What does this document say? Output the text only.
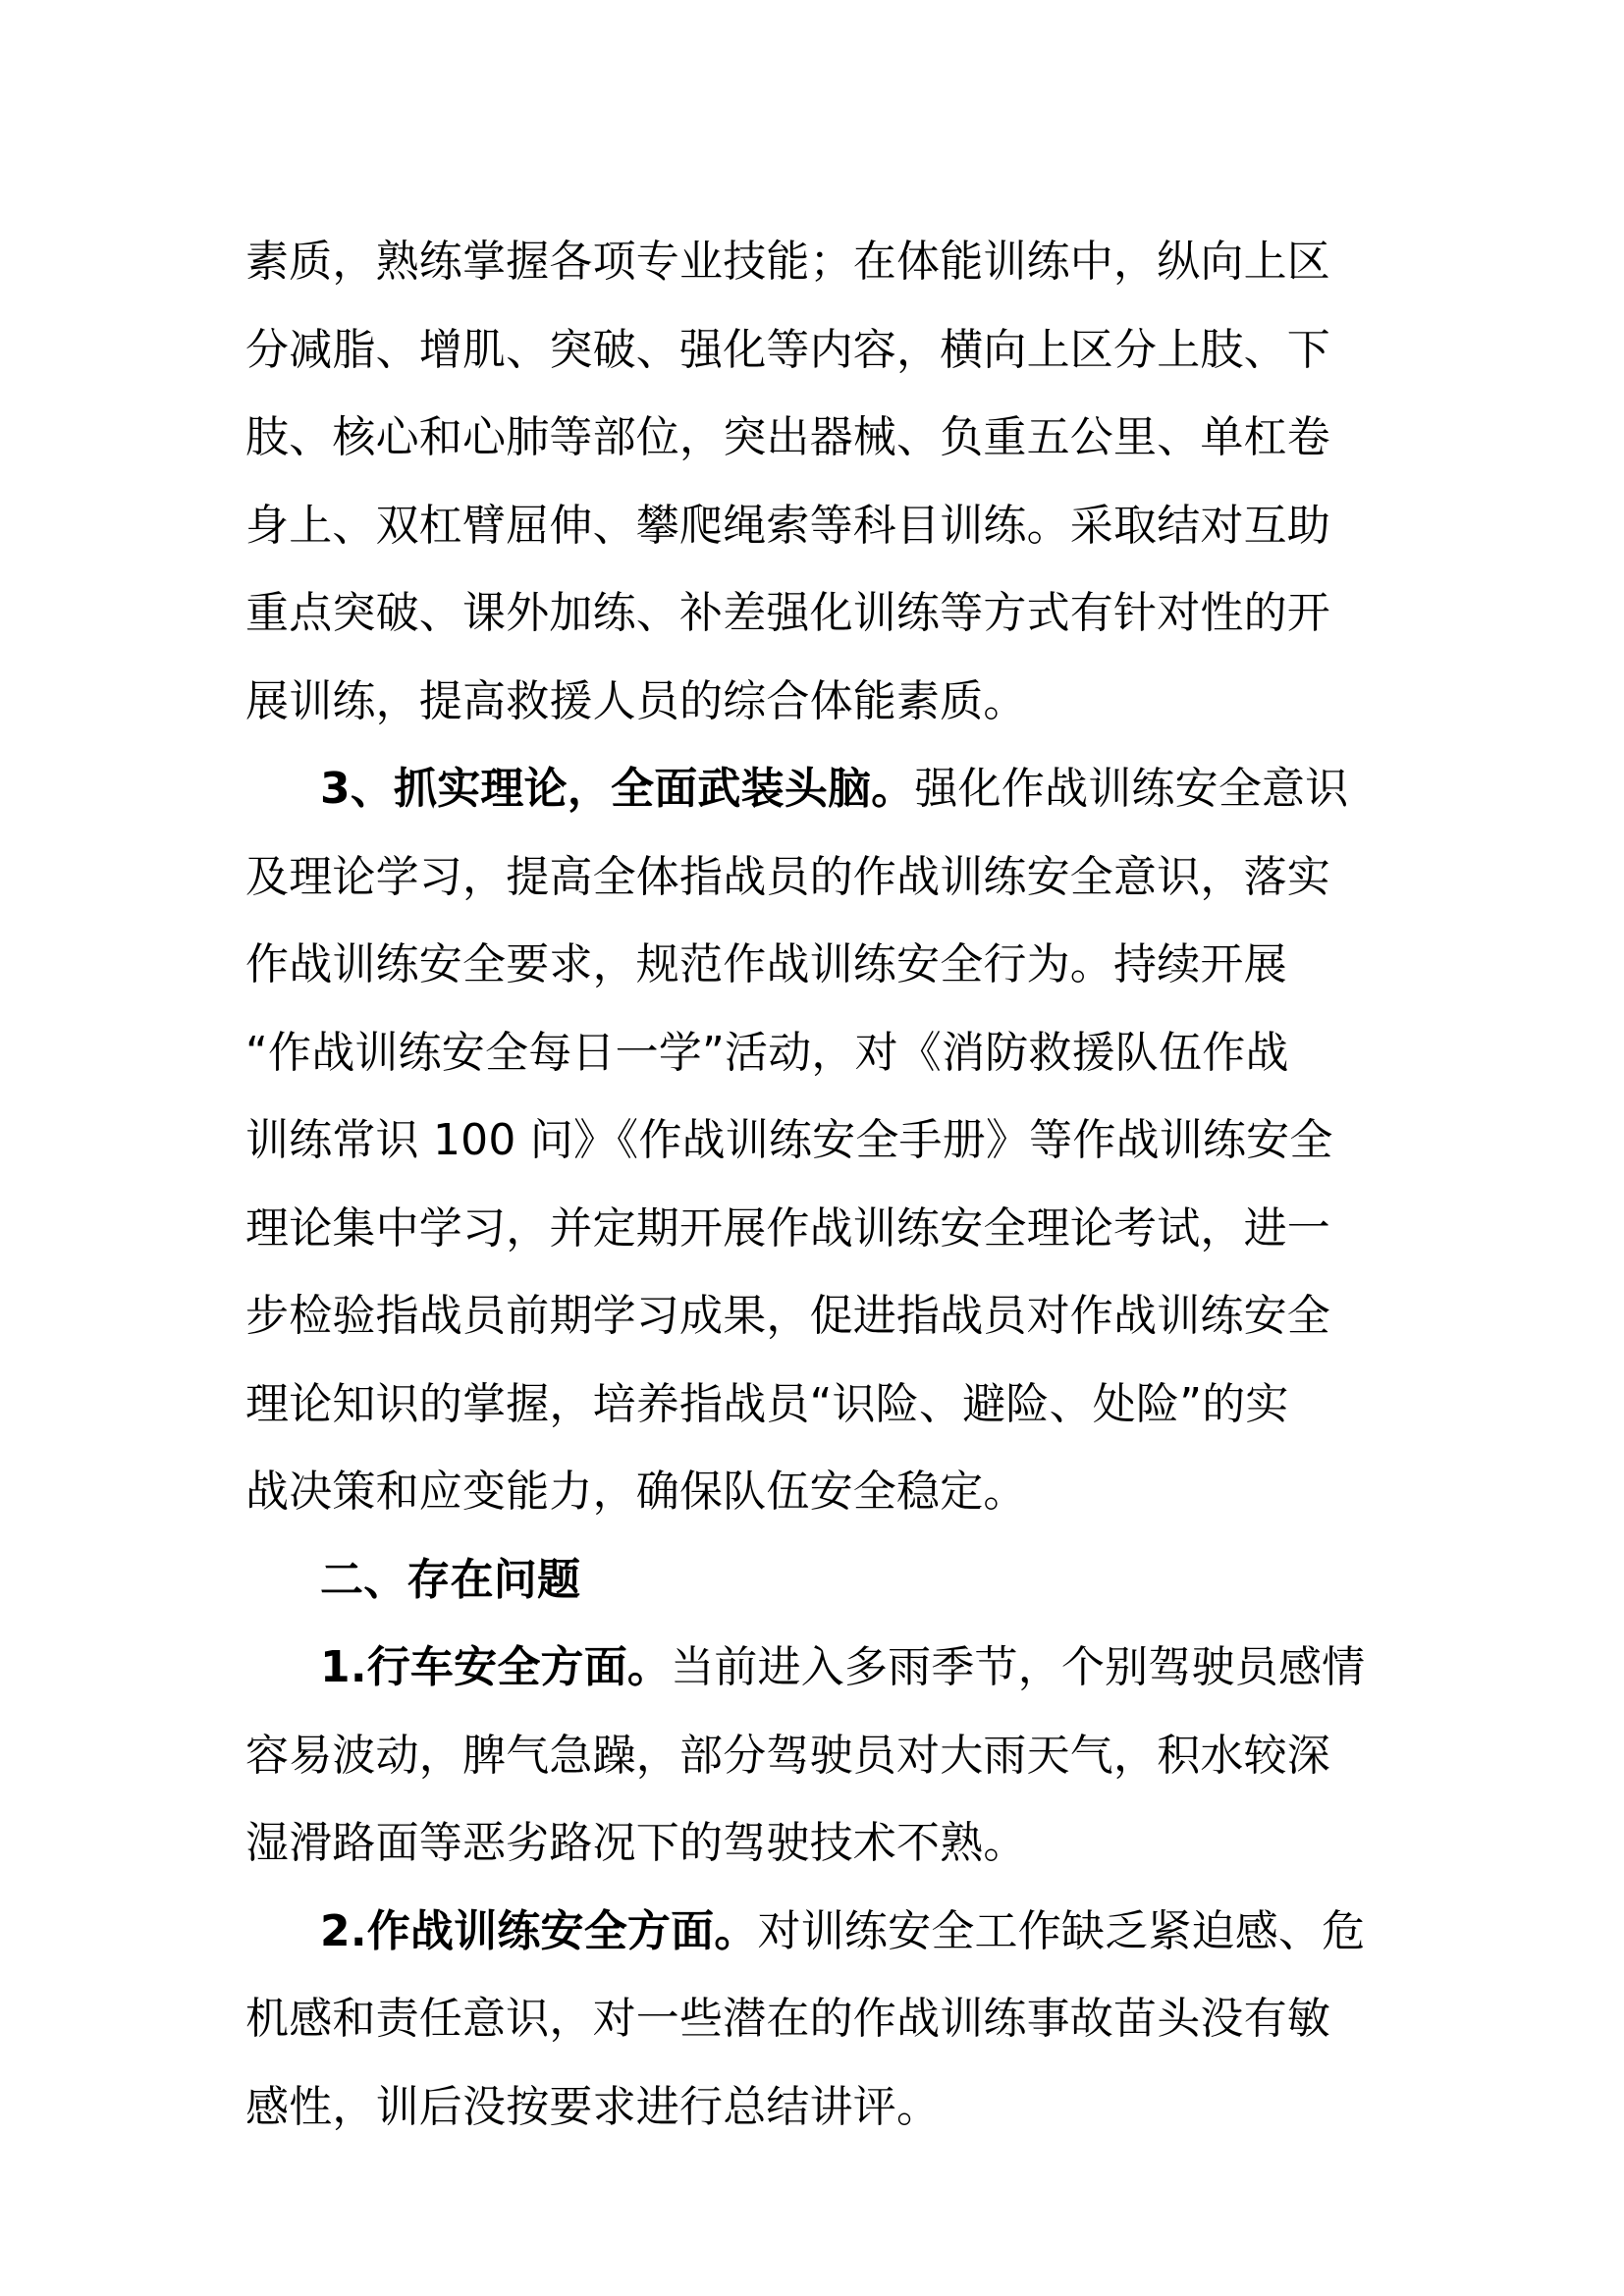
素质，熟练掌握各项专业技能；在体能训练中，纵向上区
分减脂、增肌、突破、强化等内容，横向上区分上肢、下
肢、核心和心肺等部位，突出器械、负重五公里、单杠卷
身上、双杠臂屈伸、攀爬绳索等科目训练。采取结对互助
重点突破、课外加练、补差强化训练等方式有针对性的开
展训练，提高救援人员的综合体能素质。
3、抓实理论，全面武装头脑。强化作战训练安全意识
及理论学习，提高全体指战员的作战训练安全意识，落实
作战训练安全要求，规范作战训练安全行为。持续开展
“作战训练安全每日一学”活动，对《消防救援队伍作战
训练常识 100 问》《作战训练安全手册》等作战训练安全
理论集中学习，并定期开展作战训练安全理论考试，进一
步检验指战员前期学习成果，促进指战员对作战训练安全
理论知识的掌握，培养指战员“识险、避险、处险”的实
战决策和应变能力，确保队伍安全稳定。
二、存在问题
1.行车安全方面。当前进入多雨季节，个别驾驶员感情
容易波动，脾气急躁，部分驾驶员对大雨天气，积水较深
湿滑路面等恶劣路况下的驾驶技术不熟。
2.作战训练安全方面。对训练安全工作缺乏紧迫感、危
机感和责任意识，对一些潜在的作战训练事故苗头没有敏
感性，训后没按要求进行总结讲评。
